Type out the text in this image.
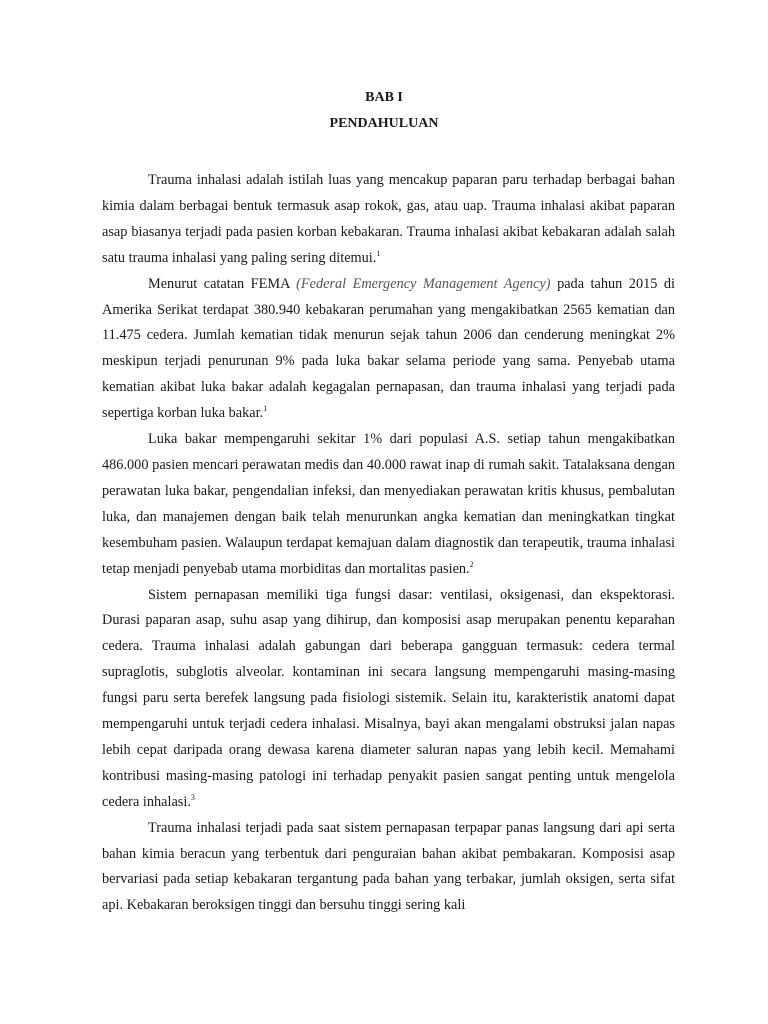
BAB I
PENDAHULUAN

Trauma inhalasi adalah istilah luas yang mencakup paparan paru terhadap berbagai bahan kimia dalam berbagai bentuk termasuk asap rokok, gas, atau uap. Trauma inhalasi akibat paparan asap biasanya terjadi pada pasien korban kebakaran. Trauma inhalasi akibat kebakaran adalah salah satu trauma inhalasi yang paling sering ditemui.$^1$

Menurut catatan FEMA (Federal Emergency Management Agency) pada tahun 2015 di Amerika Serikat terdapat 380.940 kebakaran perumahan yang mengakibatkan 2565 kematian dan 11.475 cedera. Jumlah kematian tidak menurun sejak tahun 2006 dan cenderung meningkat 2% meskipun terjadi penurunan 9% pada luka bakar selama periode yang sama. Penyebab utama kematian akibat luka bakar adalah kegagalan pernapasan, dan trauma inhalasi yang terjadi pada sepertiga korban luka bakar.$^1$

Luka bakar mempengaruhi sekitar 1% dari populasi A.S. setiap tahun mengakibatkan 486.000 pasien mencari perawatan medis dan 40.000 rawat inap di rumah sakit. Tatalaksana dengan perawatan luka bakar, pengendalian infeksi, dan menyediakan perawatan kritis khusus, pembalutan luka, dan manajemen dengan baik telah menurunkan angka kematian dan meningkatkan tingkat kesembuham pasien. Walaupun terdapat kemajuan dalam diagnostik dan terapeutik, trauma inhalasi tetap menjadi penyebab utama morbiditas dan mortalitas pasien.$^2$

Sistem pernapasan memiliki tiga fungsi dasar: ventilasi, oksigenasi, dan ekspektorasi. Durasi paparan asap, suhu asap yang dihirup, dan komposisi asap merupakan penentu keparahan cedera. Trauma inhalasi adalah gabungan dari beberapa gangguan termasuk: cedera termal supraglotis, subglotis alveolar. kontaminan ini secara langsung mempengaruhi masing-masing fungsi paru serta berefek langsung pada fisiologi sistemik. Selain itu, karakteristik anatomi dapat mempengaruhi untuk terjadi cedera inhalasi. Misalnya, bayi akan mengalami obstruksi jalan napas lebih cepat daripada orang dewasa karena diameter saluran napas yang lebih kecil. Memahami kontribusi masing-masing patologi ini terhadap penyakit pasien sangat penting untuk mengelola cedera inhalasi.$^3$

Trauma inhalasi terjadi pada saat sistem pernapasan terpapar panas langsung dari api serta bahan kimia beracun yang terbentuk dari penguraian bahan akibat pembakaran. Komposisi asap bervariasi pada setiap kebakaran tergantung pada bahan yang terbakar, jumlah oksigen, serta sifat api. Kebakaran beroksigen tinggi dan bersuhu tinggi sering kali
